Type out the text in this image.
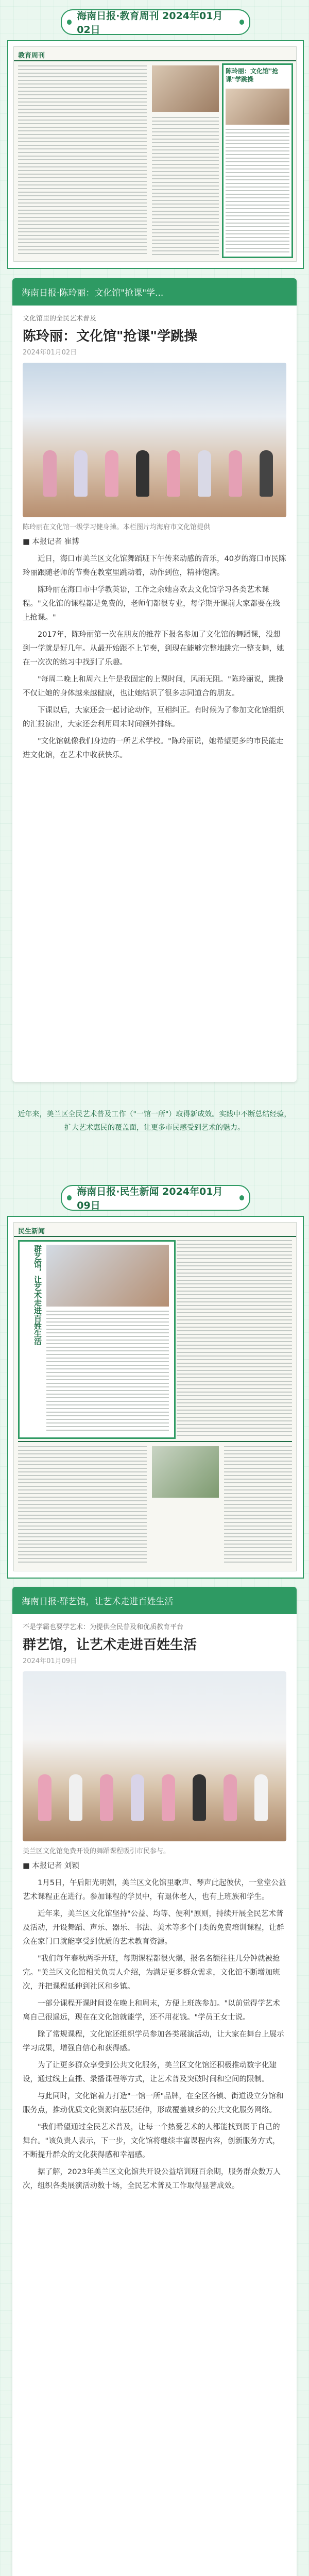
海南日报·教育周刊 2024年01月02日
教育周刊
陈玲丽：文化馆"抢课"学跳操
海南日报·陈玲丽：文化馆"抢课"学...
文化馆里的全民艺术普及
陈玲丽：文化馆"抢课"学跳操
2024年01月02日
陈玲丽在文化馆一级学习健身操。本栏图片均海府市文化馆提供

■ 本报记者 崔博

近日，海口市美兰区文化馆舞蹈班下午传来动感的音乐，40岁的海口市民陈玲丽跟随老师的节奏在教室里跳动着，动作到位，精神饱满。

陈玲丽在海口市中学教英语，工作之余她喜欢去文化馆学习各类艺术课程。"文化馆的课程都是免费的，老师们都很专业，每学期开课前大家都要在线上抢课。"

2017年，陈玲丽第一次在朋友的推荐下报名参加了文化馆的舞蹈课，没想到一学就是好几年。从最开始跟不上节奏，到现在能够完整地跳完一整支舞，她在一次次的练习中找到了乐趣。

"每周二晚上和周六上午是我固定的上课时间，风雨无阻。"陈玲丽说，跳操不仅让她的身体越来越健康，也让她结识了很多志同道合的朋友。

下课以后，大家还会一起讨论动作，互相纠正。有时候为了参加文化馆组织的汇报演出，大家还会利用周末时间额外排练。

"文化馆就像我们身边的一所艺术学校。"陈玲丽说，她希望更多的市民能走进文化馆，在艺术中收获快乐。

近年来，美兰区全民艺术普及工作（"一馆一所"）取得新成效。实践中不断总结经验，扩大艺术惠民的覆盖面，让更多市民感受到艺术的魅力。
海南日报·民生新闻 2024年01月09日
民生新闻
群艺馆，让艺术走进百姓生活
海南日报·群艺馆，让艺术走进百姓生活
不是学霸也要学艺术：为提供全民普及和优质教育平台
群艺馆，让艺术走进百姓生活
2024年01月09日
美兰区文化馆免费开设的舞蹈课程吸引市民参与。

■ 本报记者 刘颖

1月5日，午后阳光明媚，美兰区文化馆里歌声、琴声此起彼伏，一堂堂公益艺术课程正在进行。参加课程的学员中，有退休老人，也有上班族和学生。

近年来，美兰区文化馆坚持"公益、均等、便利"原则，持续开展全民艺术普及活动，开设舞蹈、声乐、器乐、书法、美术等多个门类的免费培训课程，让群众在家门口就能享受到优质的艺术教育资源。

"我们每年春秋两季开班，每期课程都很火爆，报名名额往往几分钟就被抢完。"美兰区文化馆相关负责人介绍，为满足更多群众需求，文化馆不断增加班次，并把课程延伸到社区和乡镇。

一部分课程开课时间设在晚上和周末，方便上班族参加。"以前觉得学艺术离自己很遥远，现在在文化馆就能学，还不用花钱。"学员王女士说。

除了常规课程，文化馆还组织学员参加各类展演活动，让大家在舞台上展示学习成果，增强自信心和获得感。

为了让更多群众享受到公共文化服务，美兰区文化馆还积极推动数字化建设，通过线上直播、录播课程等方式，让艺术普及突破时间和空间的限制。

与此同时，文化馆着力打造"一馆一所"品牌，在全区各镇、街道设立分馆和服务点，推动优质文化资源向基层延伸，形成覆盖城乡的公共文化服务网络。

"我们希望通过全民艺术普及，让每一个热爱艺术的人都能找到属于自己的舞台。"该负责人表示，下一步，文化馆将继续丰富课程内容，创新服务方式，不断提升群众的文化获得感和幸福感。

据了解，2023年美兰区文化馆共开设公益培训班百余期，服务群众数万人次，组织各类展演活动数十场，全民艺术普及工作取得显著成效。
